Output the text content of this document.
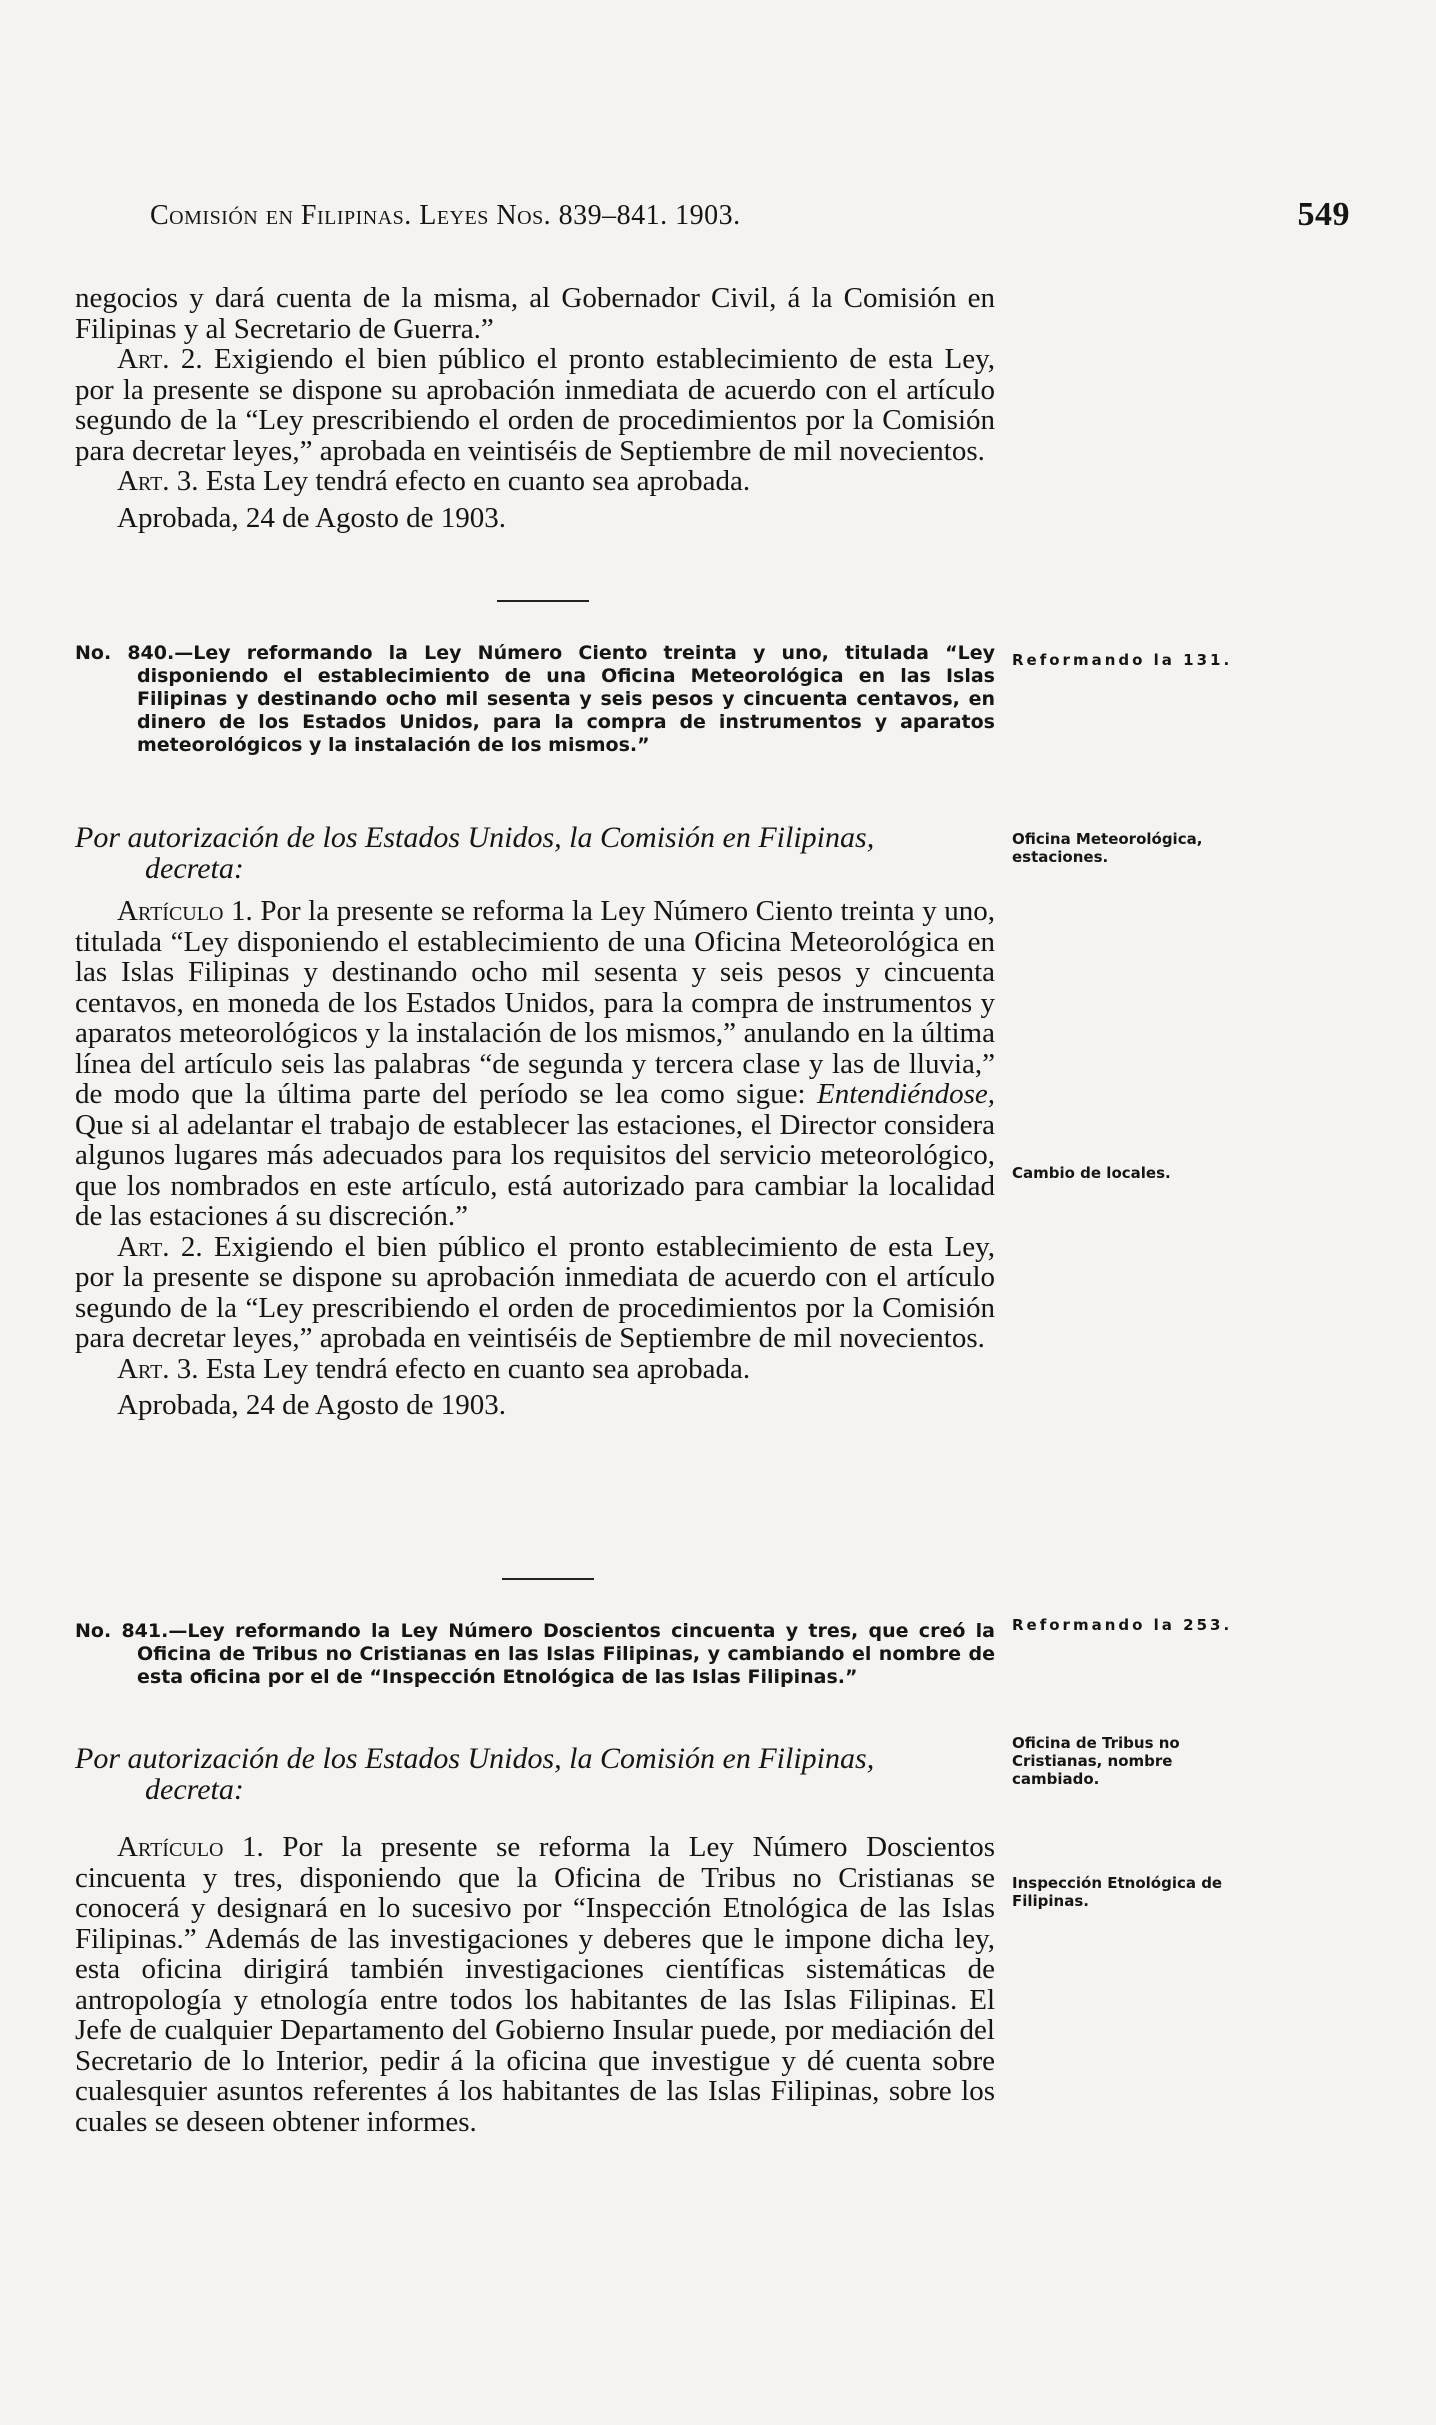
Comisión en Filipinas. Leyes Nos. 839–841. 1903.	549

negocios y dará cuenta de la misma, al Gobernador Civil, á la Comisión en Filipinas y al Secretario de Guerra.”

Art. 2. Exigiendo el bien público el pronto establecimiento de esta Ley, por la presente se dispone su aprobación inmediata de acuerdo con el artículo segundo de la “Ley prescribiendo el orden de procedimientos por la Comisión para decretar leyes,” aprobada en veintiséis de Septiembre de mil novecientos.

Art. 3. Esta Ley tendrá efecto en cuanto sea aprobada.

Aprobada, 24 de Agosto de 1903.

No. 840.—Ley reformando la Ley Número Ciento treinta y uno, titulada “Ley disponiendo el establecimiento de una Oficina Meteorológica en las Islas Filipinas y destinando ocho mil sesenta y seis pesos y cincuenta centavos, en dinero de los Estados Unidos, para la compra de instrumentos y aparatos meteorológicos y la instalación de los mismos.”

Reformando la 131.
Por autorización de los Estados Unidos, la Comisión en Filipinas,
decreta:
Oficina Meteorológica, estaciones.

Artículo 1. Por la presente se reforma la Ley Número Ciento treinta y uno, titulada “Ley disponiendo el establecimiento de una Oficina Meteorológica en las Islas Filipinas y destinando ocho mil sesenta y seis pesos y cincuenta centavos, en moneda de los Estados Unidos, para la compra de instrumentos y aparatos meteorológicos y la instalación de los mismos,” anulando en la última línea del artículo seis las palabras “de segunda y tercera clase y las de lluvia,” de modo que la última parte del período se lea como sigue: Entendiéndose, Que si al adelantar el trabajo de establecer las estaciones, el Director considera algunos lugares más adecuados para los requisitos del servicio meteorológico, que los nombrados en este artículo, está autorizado para cambiar la localidad de las estaciones á su discreción.”

Art. 2. Exigiendo el bien público el pronto establecimiento de esta Ley, por la presente se dispone su aprobación inmediata de acuerdo con el artículo segundo de la “Ley prescribiendo el orden de procedimientos por la Comisión para decretar leyes,” aprobada en veintiséis de Septiembre de mil novecientos.

Art. 3. Esta Ley tendrá efecto en cuanto sea aprobada.

Aprobada, 24 de Agosto de 1903.

Cambio de locales.

No. 841.—Ley reformando la Ley Número Doscientos cincuenta y tres, que creó la Oficina de Tribus no Cristianas en las Islas Filipinas, y cambiando el nombre de esta oficina por el de “Inspección Etnológica de las Islas Filipinas.”

Reformando la 253.
Por autorización de los Estados Unidos, la Comisión en Filipinas,
decreta:
Oficina de Tribus no Cristianas, nombre cambiado.

Artículo 1. Por la presente se reforma la Ley Número Doscientos cincuenta y tres, disponiendo que la Oficina de Tribus no Cristianas se conocerá y designará en lo sucesivo por “Inspección Etnológica de las Islas Filipinas.” Además de las investigaciones y deberes que le impone dicha ley, esta oficina dirigirá también investigaciones científicas sistemáticas de antropología y etnología entre todos los habitantes de las Islas Filipinas. El Jefe de cualquier Departamento del Gobierno Insular puede, por mediación del Secretario de lo Interior, pedir á la oficina que investigue y dé cuenta sobre cualesquier asuntos referentes á los habitantes de las Islas Filipinas, sobre los cuales se deseen obtener informes.

Inspección Etnológica de Filipinas.
